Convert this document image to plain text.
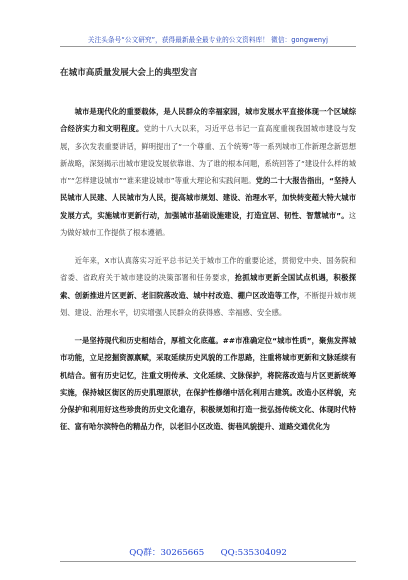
关注头条号“公文研究”，获得最新最全最专业的公文资料库！ 微信：gongwenyj
在城市高质量发展大会上的典型发言

城市是现代化的重要载体，是人民群众的幸福家园，城市发展水平直接体现一个区域综合经济实力和文明程度。党的十八大以来，习近平总书记一直高度重视我国城市建设与发展，多次发表重要讲话，鲜明提出了“一个尊重、五个统筹”等一系列城市工作新理念新思想新战略，深刻揭示出城市建设发展依靠谁、为了谁的根本问题，系统回答了“建设什么样的城市”“怎样建设城市”“谁来建设城市”等重大理论和实践问题。党的二十大报告指出，“坚持人民城市人民建、人民城市为人民，提高城市规划、建设、治理水平，加快转变超大特大城市发展方式，实施城市更新行动，加强城市基础设施建设，打造宜居、韧性、智慧城市”。这为做好城市工作提供了根本遵循。

近年来，X市认真落实习近平总书记关于城市工作的重要论述，贯彻党中央、国务院和省委、省政府关于城市建设的决策部署和任务要求，抢抓城市更新全国试点机遇，积极探索、创新推进片区更新、老旧院落改造、城中村改造、棚户区改造等工作，不断提升城市规划、建设、治理水平，切实增强人民群众的获得感、幸福感、安全感。

一是坚持现代和历史相结合，厚植文化底蕴。##市准确定位“城市性质”，聚焦发挥城市功能，立足挖掘资源禀赋，采取延续历史风貌的工作思路，注重将城市更新和文脉延续有机结合。留有历史记忆，注重文明传承、文化延续、文脉保护，将院落改造与片区更新统筹实施，保持城区街区的历史肌理原状，在保护性修缮中活化利用古建筑。改造小区样貌，充分保护和利用好这些珍贵的历史文化遗存，积极规划和打造一批弘扬传统文化、体现时代特征、富有哈尔滨特色的精品力作，以老旧小区改造、街巷风貌提升、道路交通优化为

QQ群：30265665 QQ:535304092
